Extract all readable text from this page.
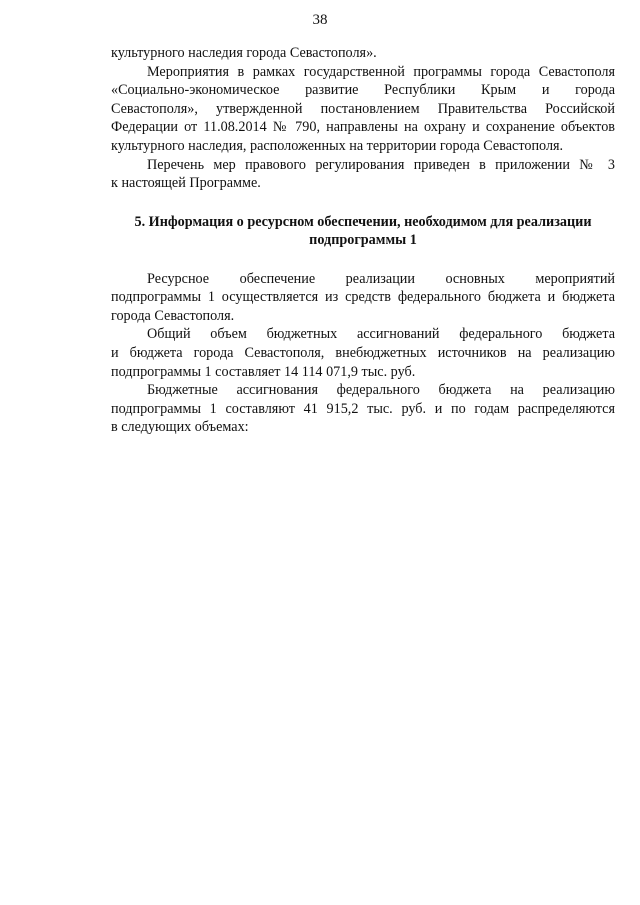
38
культурного наследия города Севастополя».
Мероприятия в рамках государственной программы города Севастополя
«Социально-экономическое развитие Республики Крым и города
Севастополя», утвержденной постановлением Правительства Российской
Федерации от 11.08.2014 № 790, направлены на охрану и сохранение объектов
культурного наследия, расположенных на территории города Севастополя.
Перечень мер правового регулирования приведен в приложении № 3
к настоящей Программе.
5. Информация о ресурсном обеспечении, необходимом для реализации
подпрограммы 1
Ресурсное обеспечение реализации основных мероприятий
подпрограммы 1 осуществляется из средств федерального бюджета и бюджета
города Севастополя.
Общий объем бюджетных ассигнований федерального бюджета
и бюджета города Севастополя, внебюджетных источников на реализацию
подпрограммы 1 составляет 14 114 071,9 тыс. руб.
Бюджетные ассигнования федерального бюджета на реализацию
подпрограммы 1 составляют 41 915,2 тыс. руб. и по годам распределяются
в следующих объемах:
